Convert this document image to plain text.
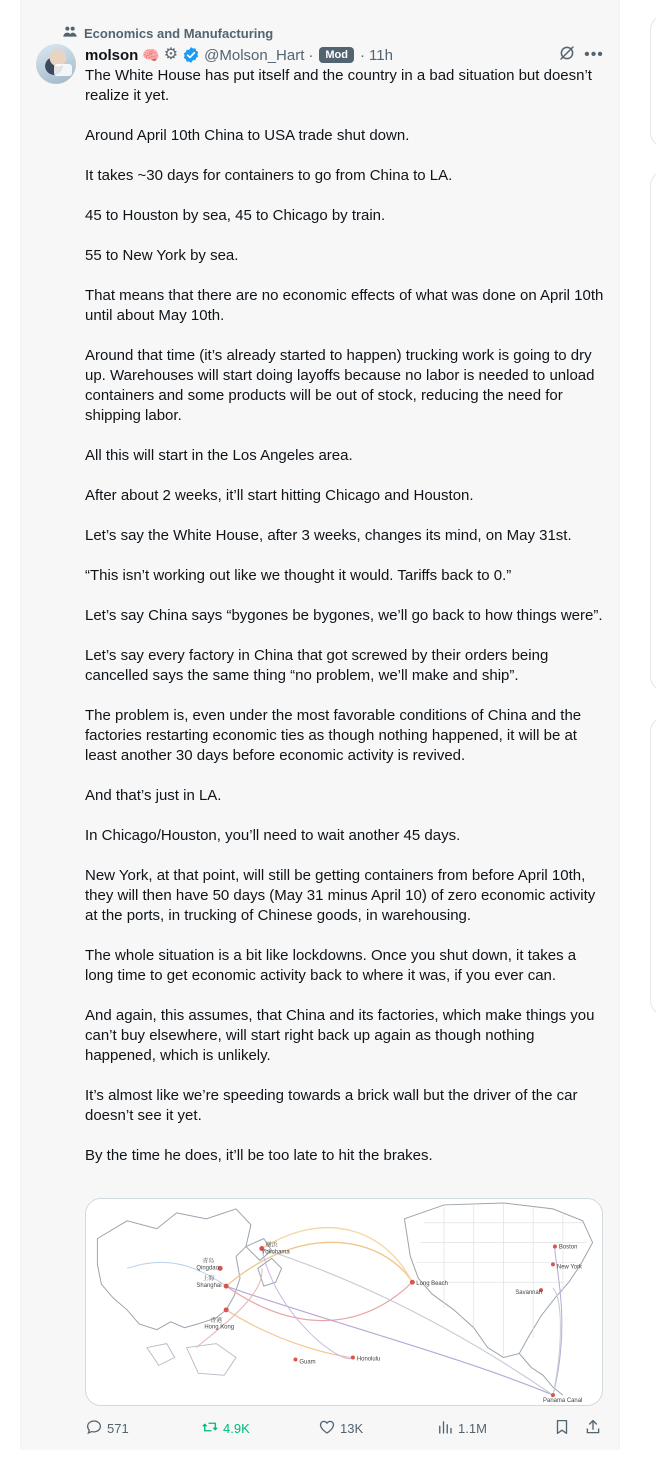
Economics and Manufacturing
molson 🧠 ⚙ @Molson_Hart ·	Mod · 11h	•••
The White House has put itself and the country in a bad situation but doesn’t realize it yet.
Around April 10th China to USA trade shut down.
It takes ~30 days for containers to go from China to LA.
45 to Houston by sea, 45 to Chicago by train.
55 to New York by sea.
That means that there are no economic effects of what was done on April 10th until about May 10th.
Around that time (it’s already started to happen) trucking work is going to dry up. Warehouses will start doing layoffs because no labor is needed to unload containers and some products will be out of stock, reducing the need for shipping labor.
All this will start in the Los Angeles area.
After about 2 weeks, it’ll start hitting Chicago and Houston.
Let’s say the White House, after 3 weeks, changes its mind, on May 31st.
“This isn’t working out like we thought it would. Tariffs back to 0.”
Let’s say China says “bygones be bygones, we’ll go back to how things were”.
Let’s say every factory in China that got screwed by their orders being cancelled says the same thing “no problem, we’ll make and ship”.
The problem is, even under the most favorable conditions of China and the factories restarting economic ties as though nothing happened, it will be at least another 30 days before economic activity is revived.
And that’s just in LA.
In Chicago/Houston, you’ll need to wait another 45 days.
New York, at that point, will still be getting containers from before April 10th, they will then have 50 days (May 31 minus April 10) of zero economic activity at the ports, in trucking of Chinese goods, in warehousing.
The whole situation is a bit like lockdowns. Once you shut down, it takes a long time to get economic activity back to where it was, if you ever can.
And again, this assumes, that China and its factories, which make things you can’t buy elsewhere, will start right back up again as though nothing happened, which is unlikely.
It’s almost like we’re speeding towards a brick wall but the driver of the car doesn’t see it yet.
By the time he does, it’ll be too late to hit the brakes.
横浜 Yokohama
青岛 Qingdao
上海 Shanghai
香港 Hong Kong
Guam	Honolulu
Long Beach
Boston
New York
Savannah
Panama Canal
571	4.9K	13K	1.1M
